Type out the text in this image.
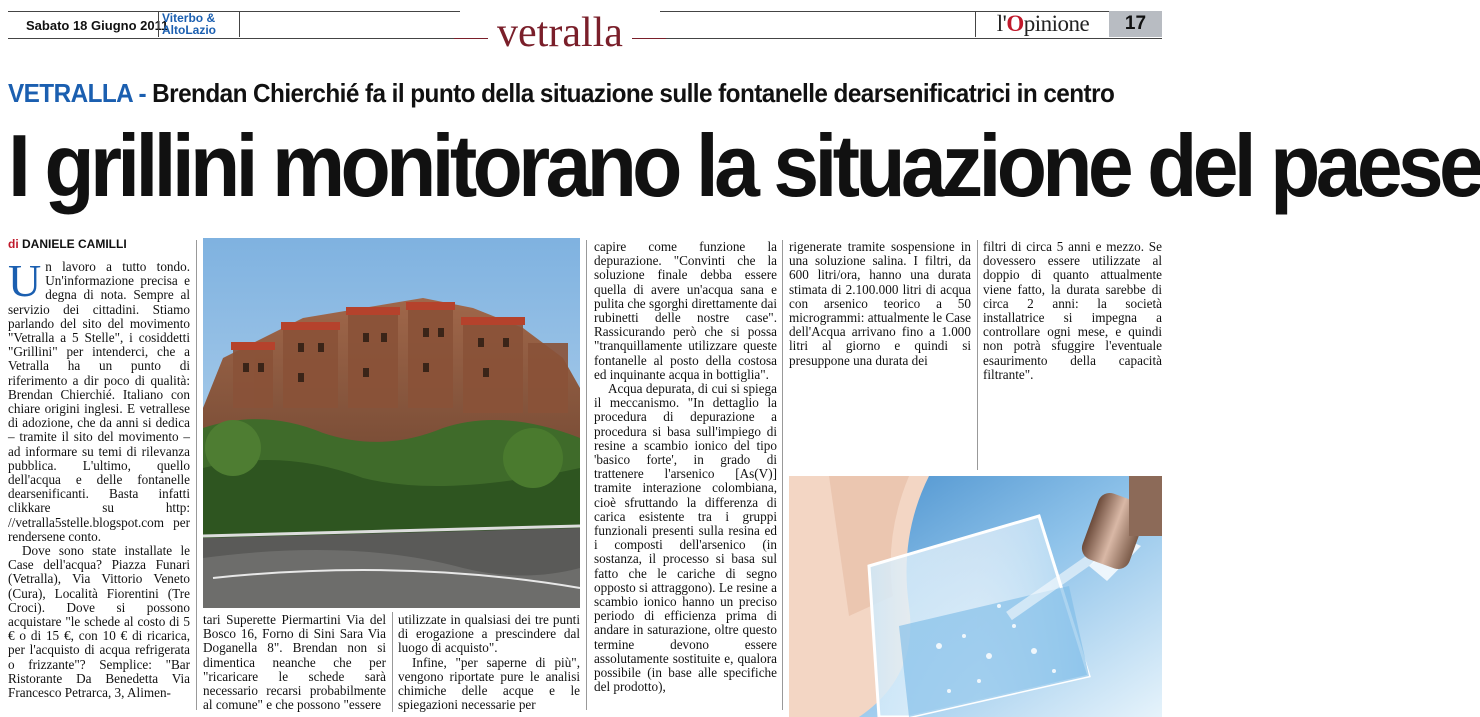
Sabato 18 Giugno 2011
Viterbo &
AltoLazio	vetralla	l'Opinione	17
VETRALLA - Brendan Chierchié fa il punto della situazione sulle fontanelle dearsenificatrici in centro
I grillini monitorano la situazione del paese
di DANIELE CAMILLI

Un lavoro a tutto tondo. Un'informazione precisa e degna di nota. Sempre al servizio dei cittadini. Stiamo parlando del sito del movimento "Vetralla a 5 Stelle", i cosiddetti "Grillini" per intenderci, che a Vetralla ha un punto di riferimento a dir poco di qualità: Brendan Chierchié. Italiano con chiare origini inglesi. E vetrallese di adozione, che da anni si dedica – tramite il sito del movimento – ad informare su temi di rilevanza pubblica. L'ultimo, quello dell'acqua e delle fontanelle dearsenificanti. Basta infatti clikkare su http: //vetralla5stelle.blogspot.com per rendersene conto.

Dove sono state installate le Case dell'acqua? Piazza Funari (Vetralla), Via Vittorio Veneto (Cura), Località Fiorentini (Tre Croci). Dove si possono acquistare "le schede al costo di 5 € o di 15 €, con 10 € di ricarica, per l'acquisto di acqua refrigerata o frizzante"? Semplice: "Bar Ristorante Da Benedetta Via Francesco Petrarca, 3, Alimen-

tari Superette Piermartini Via del Bosco 16, Forno di Sini Sara Via Doganella 8". Brendan non si dimentica neanche che per "ricaricare le schede sarà necessario recarsi probabilmente al comune" e che possono "essere

utilizzate in qualsiasi dei tre punti di erogazione a prescindere dal luogo di acquisto".

Infine, "per saperne di più", vengono riportate pure le analisi chimiche delle acque e le spiegazioni necessarie per

capire come funzione la depurazione. "Convinti che la soluzione finale debba essere quella di avere un'acqua sana e pulita che sgorghi direttamente dai rubinetti delle nostre case". Rassicurando però che si possa "tranquillamente utilizzare queste fontanelle al posto della costosa ed inquinante acqua in bottiglia".

Acqua depurata, di cui si spiega il meccanismo. "In dettaglio la procedura di depurazione a procedura si basa sull'impiego di resine a scambio ionico del tipo 'basico forte', in grado di trattenere l'arsenico [As(V)] tramite interazione colombiana, cioè sfruttando la differenza di carica esistente tra i gruppi funzionali presenti sulla resina ed i composti dell'arsenico (in sostanza, il processo si basa sul fatto che le cariche di segno opposto si attraggono). Le resine a scambio ionico hanno un preciso periodo di efficienza prima di andare in saturazione, oltre questo termine devono essere assolutamente sostituite e, qualora possibile (in base alle specifiche del prodotto),

rigenerate tramite sospensione in una soluzione salina. I filtri, da 600 litri/ora, hanno una durata stimata di 2.100.000 litri di acqua con arsenico teorico a 50 microgrammi: attualmente le Case dell'Acqua arrivano fino a 1.000 litri al giorno e quindi si presuppone una durata dei

filtri di circa 5 anni e mezzo. Se dovessero essere utilizzate al doppio di quanto attualmente viene fatto, la durata sarebbe di circa 2 anni: la società installatrice si impegna a controllare ogni mese, e quindi non potrà sfuggire l'eventuale esaurimento della capacità filtrante".
